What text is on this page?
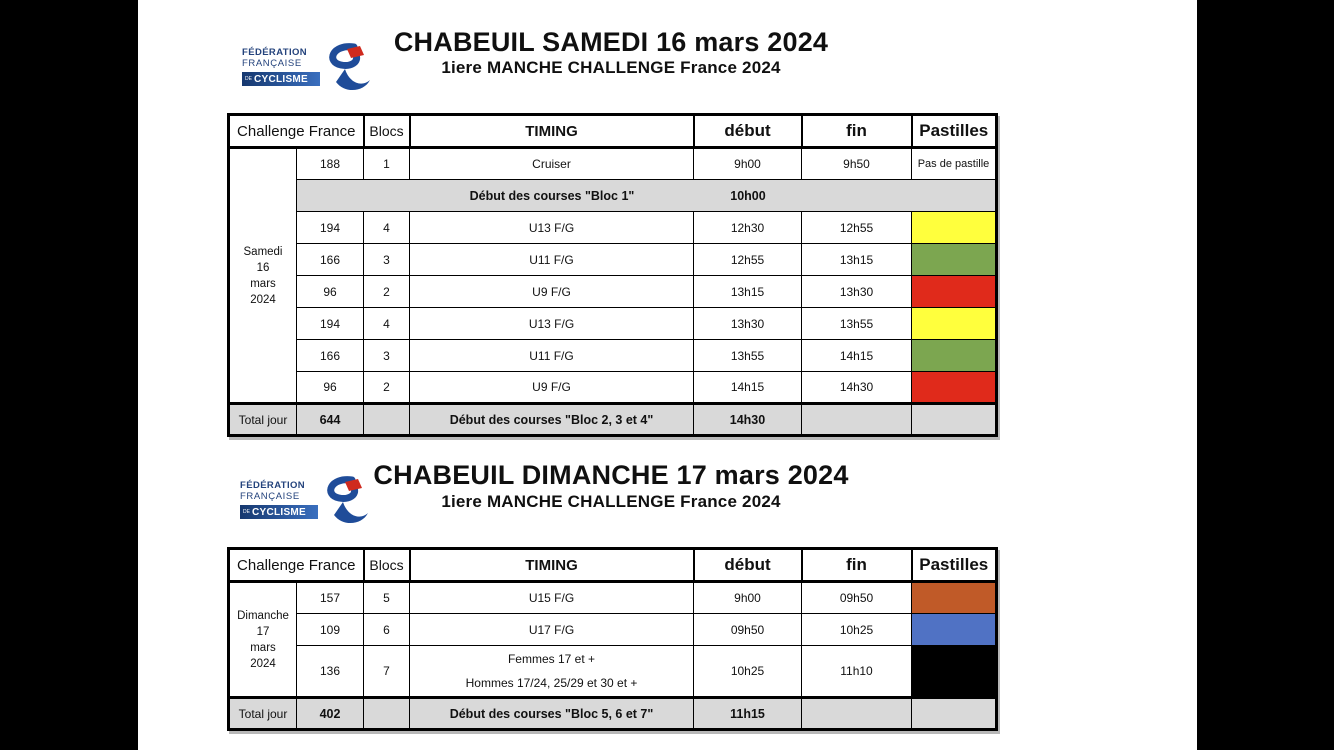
FÉDÉRATION
FRANÇAISE
DE CYCLISME
CHABEUIL SAMEDI 16 mars 2024
1iere MANCHE CHALLENGE France 2024
Challenge France		Blocs	TIMING	début	fin	Pastilles

Samedi
16
mars
2024	188	1	Cruiser	9h00	9h50	Pas de pastille

	Début des courses "Bloc 1" 10h00					

	194	4	U13 F/G	12h30	12h55	
	166	3	U11 F/G	12h55	13h15	
	96	2	U9 F/G	13h15	13h30	
	194	4	U13 F/G	13h30	13h55	
	166	3	U11 F/G	13h55	14h15	
	96	2	U9 F/G	14h15	14h30	
Total jour	644		Début des courses "Bloc 2, 3 et 4"	14h30		
FÉDÉRATION
FRANÇAISE
DE CYCLISME
CHABEUIL DIMANCHE 17 mars 2024
1iere MANCHE CHALLENGE France 2024
Challenge France		Blocs	TIMING	début	fin	Pastilles

Dimanche
17
mars
2024	157	5	U15 F/G	9h00	09h50	
	109	6	U17 F/G	09h50	10h25	
	136	7	Femmes 17 et +
Hommes 17/24, 25/29 et 30 et +	10h25	11h10	
Total jour	402		Début des courses "Bloc 5, 6 et 7"	11h15		
